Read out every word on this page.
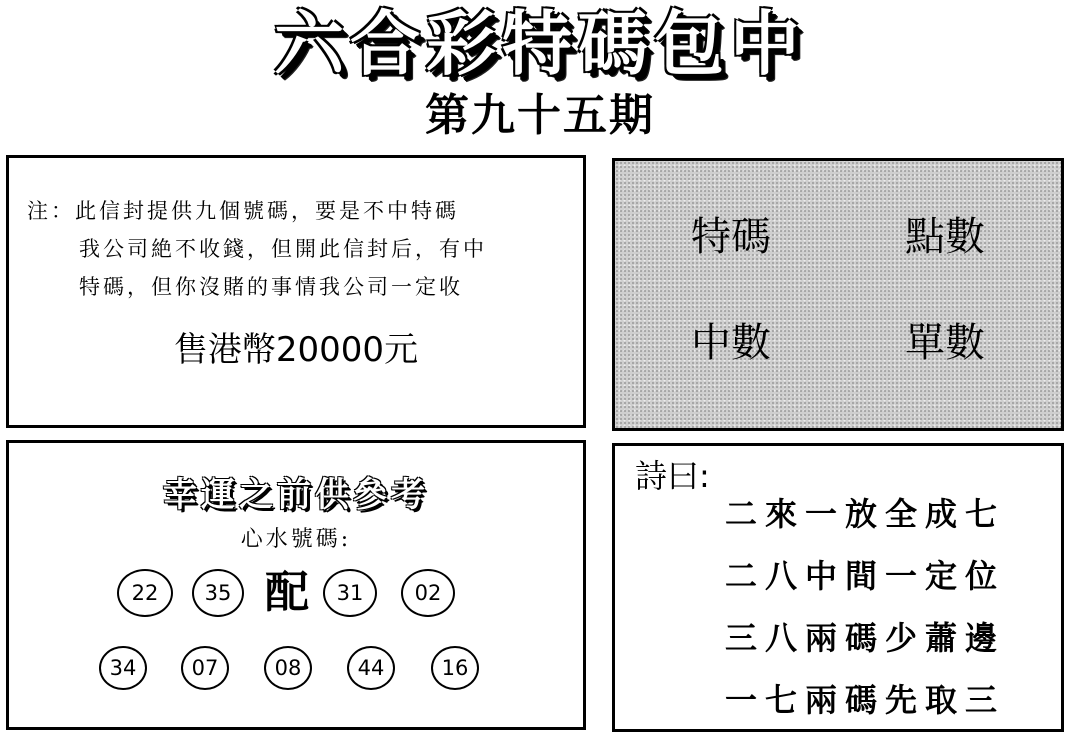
六合彩特碼包中
第九十五期
注：此信封提供九個號碼，要是不中特碼
我公司絶不收錢，但開此信封后，有中
特碼，但你沒賭的事情我公司一定收
售港幣20000元
特碼	點數
中數	單數
幸運之前供參考
心水號碼:
22	35 配	31	02
34	07	08	44	16
詩曰:
二來一放全成七
二八中間一定位
三八兩碼少蕭邊
一七兩碼先取三
